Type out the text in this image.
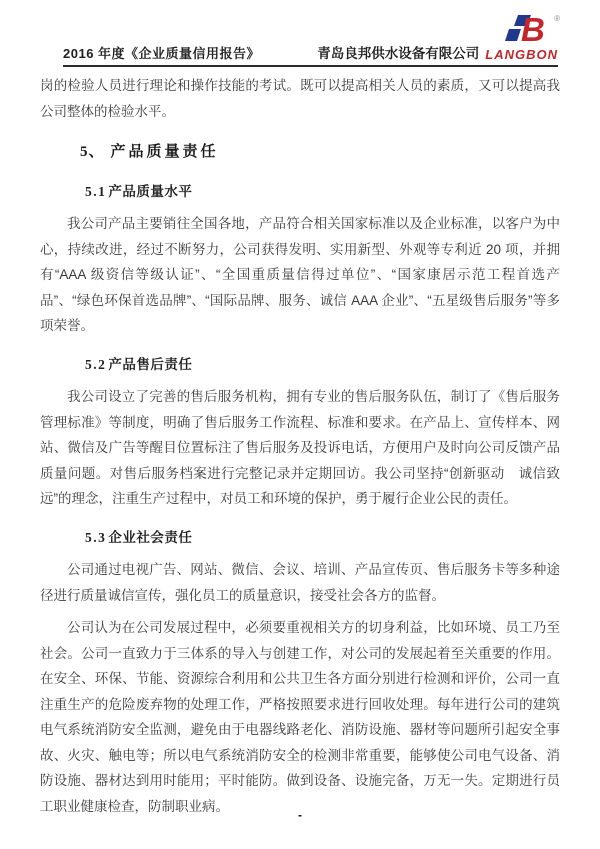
B ®
2016 年度《企业质量信用报告》	青岛良邦供水设备有限公司 LANGBON

岗的检验人员进行理论和操作技能的考试。既可以提高相关人员的素质，又可以提高我公司整体的检验水平。

5、 产品质量责任
5.1 产品质量水平

我公司产品主要销往全国各地，产品符合相关国家标准以及企业标准，以客户为中心，持续改进，经过不断努力，公司获得发明、实用新型、外观等专利近 20 项，并拥有“AAA 级资信等级认证”、“全国重质量信得过单位”、“国家康居示范工程首选产品”、“绿色环保首选品牌”、“国际品牌、服务、诚信 AAA 企业”、“五星级售后服务”等多项荣誉。

5.2 产品售后责任

我公司设立了完善的售后服务机构，拥有专业的售后服务队伍，制订了《售后服务管理标准》等制度，明确了售后服务工作流程、标准和要求。在产品上、宣传样本、网站、微信及广告等醒目位置标注了售后服务及投诉电话，方便用户及时向公司反馈产品质量问题。对售后服务档案进行完整记录并定期回访。我公司坚持“创新驱动　诚信致远”的理念，注重生产过程中，对员工和环境的保护，勇于履行企业公民的责任。

5.3 企业社会责任

公司通过电视广告、网站、微信、会议、培训、产品宣传页、售后服务卡等多种途径进行质量诚信宣传，强化员工的质量意识，接受社会各方的监督。

公司认为在公司发展过程中，必须要重视相关方的切身利益，比如环境、员工乃至社会。公司一直致力于三体系的导入与创建工作，对公司的发展起着至关重要的作用。在安全、环保、节能、资源综合利用和公共卫生各方面分别进行检测和评价，公司一直注重生产的危险废弃物的处理工作，严格按照要求进行回收处理。每年进行公司的建筑电气系统消防安全监测，避免由于电器线路老化、消防设施、器材等问题所引起安全事故、火灾、触电等；所以电气系统消防安全的检测非常重要，能够使公司电气设备、消防设施、器材达到用时能用；平时能防。做到设备、设施完备，万无一失。定期进行员工职业健康检查，防制职业病。

-
